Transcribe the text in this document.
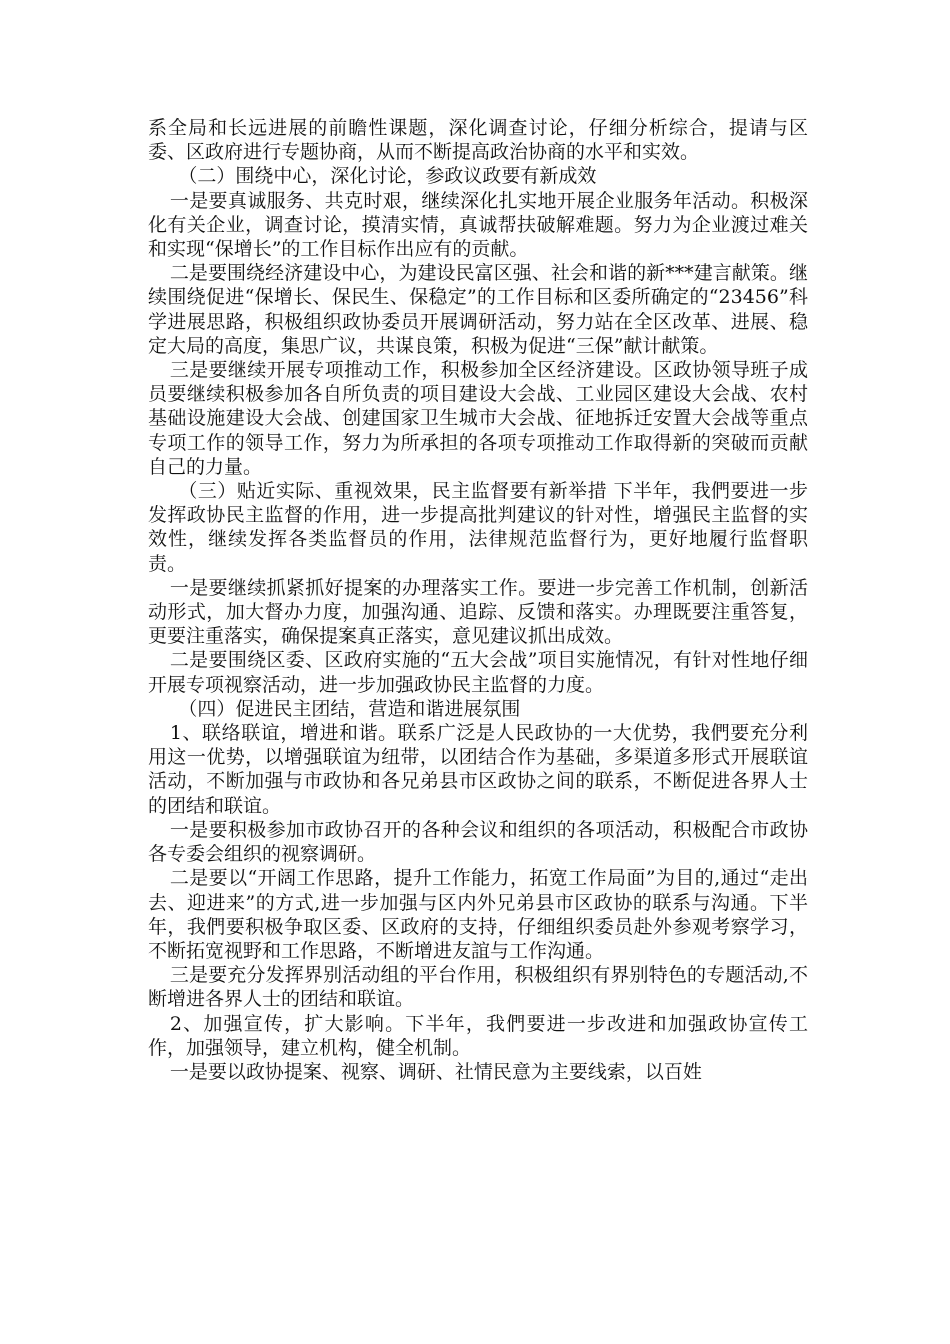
系全局和长远进展的前瞻性课题，深化调查讨论，仔细分析综合，提请与区委、区政府进行专题协商，从而不断提高政治协商的水平和实效。

（二）围绕中心，深化讨论，参政议政要有新成效

一是要真诚服务、共克时艰，继续深化扎实地开展企业服务年活动。积极深化有关企业，调查讨论，摸清实情，真诚帮扶破解难题。努力为企业渡过难关和实现“保增长”的工作目标作出应有的贡献。

二是要围绕经济建设中心，为建设民富区强、社会和谐的新***建言献策。继续围绕促进“保增长、保民生、保稳定”的工作目标和区委所确定的“23456”科学进展思路，积极组织政协委员开展调研活动，努力站在全区改革、进展、稳定大局的高度，集思广议，共谋良策，积极为促进“三保”献计献策。

三是要继续开展专项推动工作，积极参加全区经济建设。区政协领导班子成员要继续积极参加各自所负责的项目建设大会战、工业园区建设大会战、农村基础设施建设大会战、创建国家卫生城市大会战、征地拆迁安置大会战等重点专项工作的领导工作，努力为所承担的各项专项推动工作取得新的突破而贡献自己的力量。

（三）贴近实际、重视效果，民主监督要有新举措 下半年，我們要进一步发挥政协民主监督的作用，进一步提高批判建议的针对性，增强民主监督的实效性，继续发挥各类监督员的作用，法律规范监督行为，更好地履行监督职责。

一是要继续抓紧抓好提案的办理落实工作。要进一步完善工作机制，创新活动形式，加大督办力度，加强沟通、追踪、反馈和落实。办理既要注重答复，更要注重落实，确保提案真正落实，意见建议抓出成效。

二是要围绕区委、区政府实施的“五大会战”项目实施情况，有针对性地仔细开展专项视察活动，进一步加强政协民主监督的力度。

（四）促进民主团结，营造和谐进展氛围

1、联络联谊，增进和谐。联系广泛是人民政协的一大优势，我們要充分利用这一优势，以增强联谊为纽带，以团结合作为基础，多渠道多形式开展联谊活动，不断加强与市政协和各兄弟县市区政协之间的联系，不断促进各界人士的团结和联谊。

一是要积极参加市政协召开的各种会议和组织的各项活动，积极配合市政协各专委会组织的视察调研。

二是要以“开阔工作思路，提升工作能力，拓宽工作局面”为目的,通过“走出去、迎进来”的方式,进一步加强与区内外兄弟县市区政协的联系与沟通。下半年，我們要积极争取区委、区政府的支持，仔细组织委员赴外参观考察学习，不断拓宽视野和工作思路，不断增进友誼与工作沟通。

三是要充分发挥界别活动组的平台作用，积极组织有界别特色的专题活动,不断增进各界人士的团结和联谊。

2、加强宣传，扩大影响。下半年，我們要进一步改进和加强政协宣传工作，加强领导，建立机构，健全机制。

一是要以政协提案、视察、调研、社情民意为主要线索，以百姓
